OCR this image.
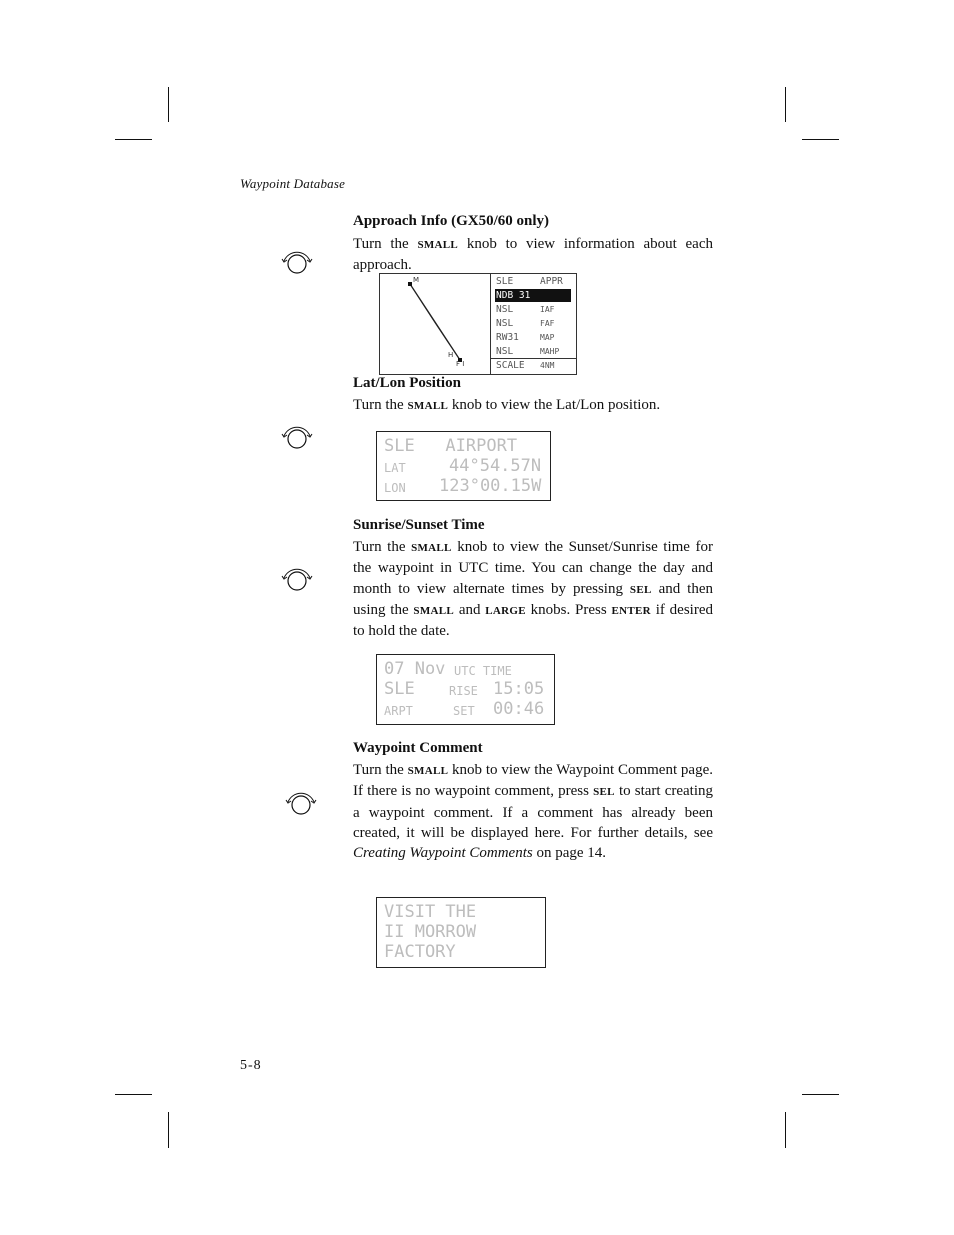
Waypoint Database
Approach Info (GX50/60 only)
Turn the SMALL knob to view information about each approach.
M
H
F I
SLE	APPR
NDB 31
NSL	IAF
NSL	FAF
RW31	MAP
NSL	MAHP
SCALE 4NM
Lat/Lon Position
Turn the SMALL knob to view the Lat/Lon position.
SLE   AIRPORT
LAT	44°54.57N
LON 123°00.15W
Sunrise/Sunset Time
Turn the SMALL knob to view the Sunset/Sunrise time for the waypoint in UTC time. You can change the day and month to view alternate times by pressing SEL and then using the SMALL and LARGE knobs. Press ENTER if desired to hold the date.
07 Nov UTC TIME
SLE	RISE 15:05
ARPT	SET 00:46
Waypoint Comment
Turn the SMALL knob to view the Waypoint Comment page. If there is no waypoint comment, press SEL to start creating a waypoint comment. If a comment has already been created, it will be displayed here. For further details, see Creating Waypoint Comments on page 14.
VISIT THE
II MORROW
FACTORY
5-8
